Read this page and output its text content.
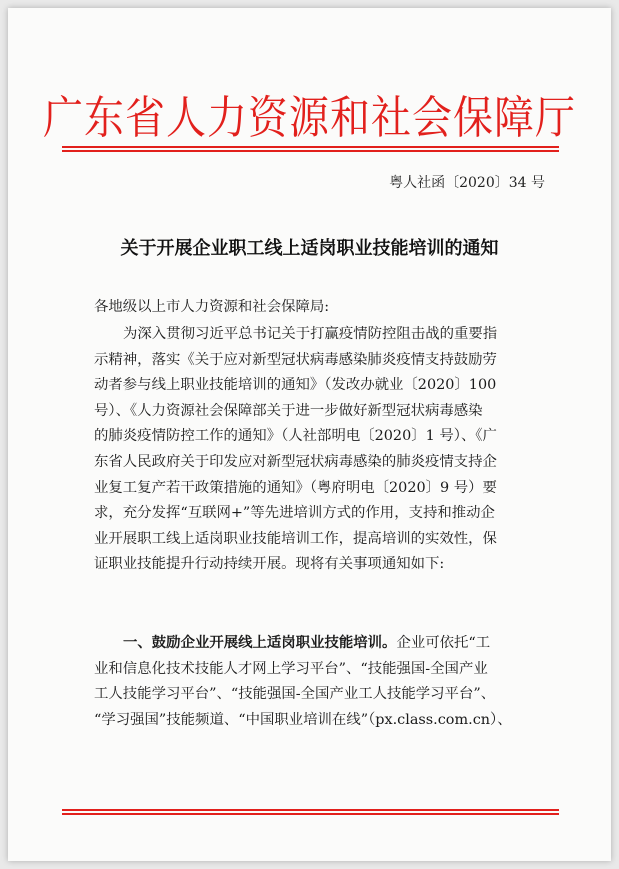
广东省人力资源和社会保障厅
粤人社函〔2020〕34 号
关于开展企业职工线上适岗职业技能培训的通知
各地级以上市人力资源和社会保障局:
为深入贯彻习近平总书记关于打赢疫情防控阻击战的重要指
示精神，落实《关于应对新型冠状病毒感染肺炎疫情支持鼓励劳
动者参与线上职业技能培训的通知》（发改办就业〔2020〕100
号）、《人力资源社会保障部关于进一步做好新型冠状病毒感染
的肺炎疫情防控工作的通知》（人社部明电〔2020〕1 号）、《广
东省人民政府关于印发应对新型冠状病毒感染的肺炎疫情支持企
业复工复产若干政策措施的通知》（粤府明电〔2020〕9 号）要
求，充分发挥“互联网+”等先进培训方式的作用，支持和推动企
业开展职工线上适岗职业技能培训工作，提高培训的实效性，保
证职业技能提升行动持续开展。现将有关事项通知如下:
一、鼓励企业开展线上适岗职业技能培训。企业可依托“工
业和信息化技术技能人才网上学习平台”、“技能强国-全国产业
工人技能学习平台”、“技能强国-全国产业工人技能学习平台”、
“学习强国”技能频道、“中国职业培训在线”（px.class.com.cn）、
